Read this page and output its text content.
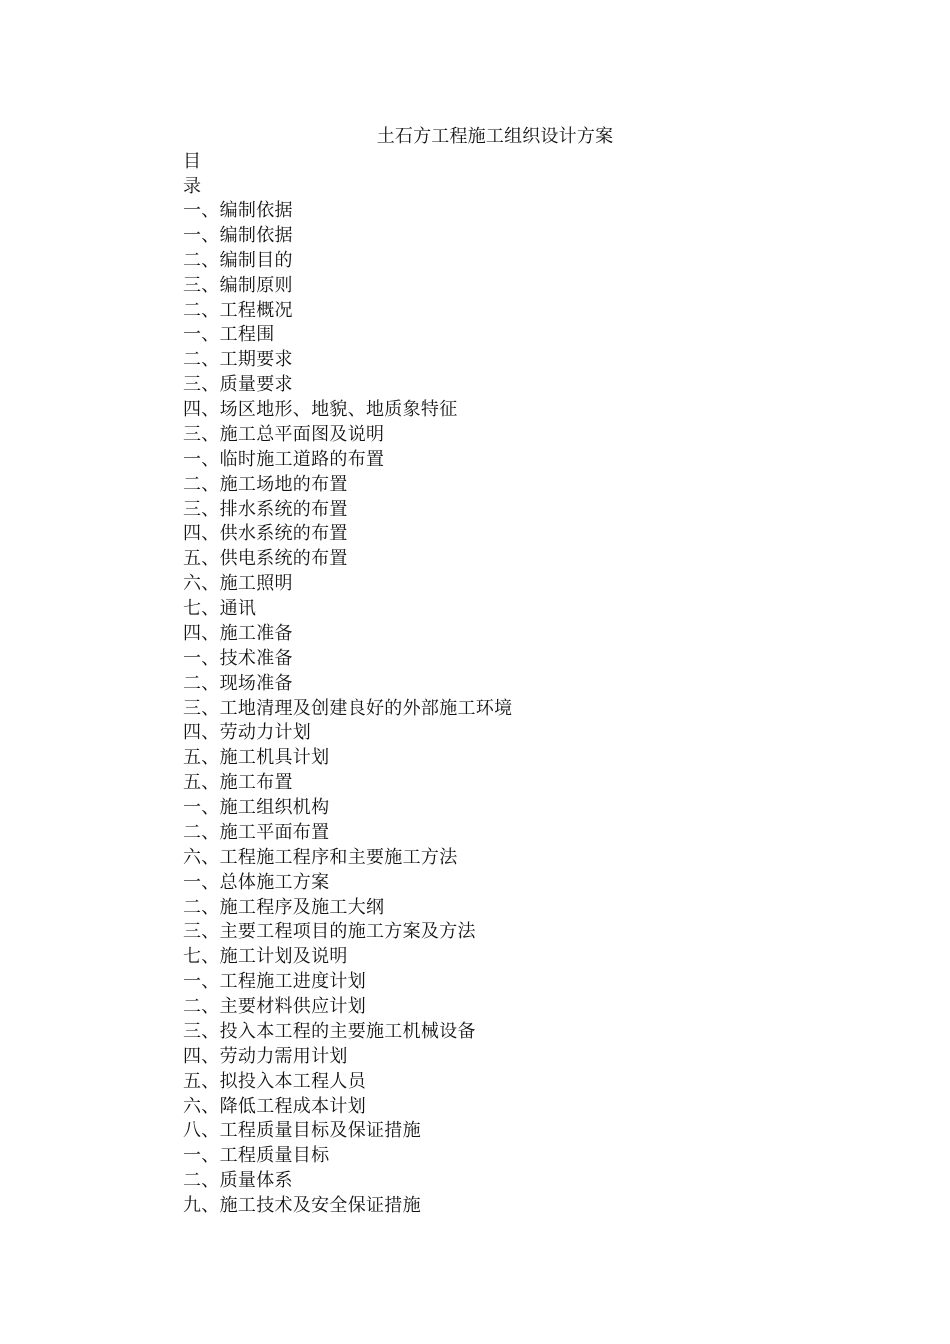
土石方工程施工组织设计方案
目
录
一、编制依据
一、编制依据
二、编制目的
三、编制原则
二、工程概况
一、工程围
二、工期要求
三、质量要求
四、场区地形、地貌、地质象特征
三、施工总平面图及说明
一、临时施工道路的布置
二、施工场地的布置
三、排水系统的布置
四、供水系统的布置
五、供电系统的布置
六、施工照明
七、通讯
四、施工准备
一、技术准备
二、现场准备
三、工地清理及创建良好的外部施工环境
四、劳动力计划
五、施工机具计划
五、施工布置
一、施工组织机构
二、施工平面布置
六、工程施工程序和主要施工方法
一、总体施工方案
二、施工程序及施工大纲
三、主要工程项目的施工方案及方法
七、施工计划及说明
一、工程施工进度计划
二、主要材料供应计划
三、投入本工程的主要施工机械设备
四、劳动力需用计划
五、拟投入本工程人员
六、降低工程成本计划
八、工程质量目标及保证措施
一、工程质量目标
二、质量体系
九、施工技术及安全保证措施
